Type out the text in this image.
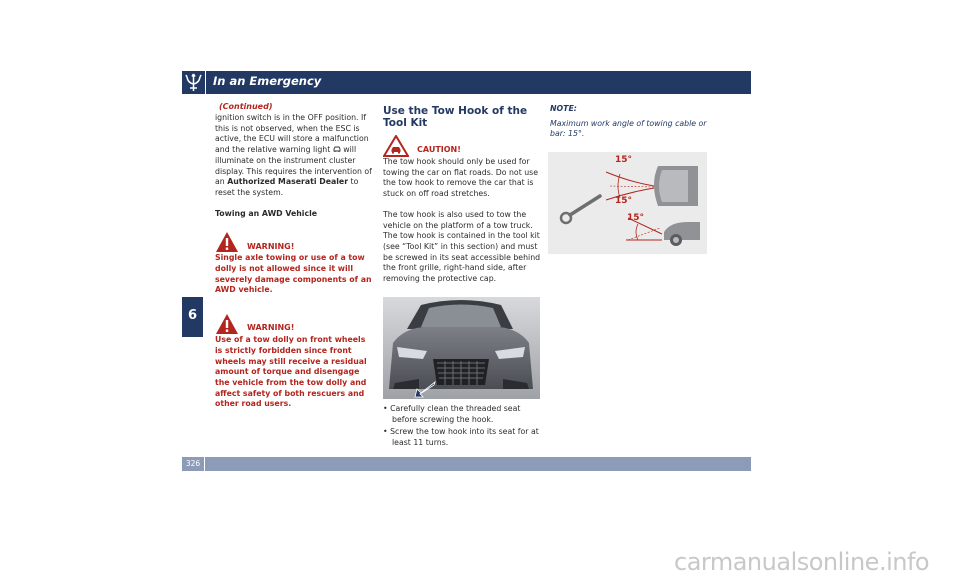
In an Emergency
6
326
(Continued)

ignition switch is in the OFF position. If this is not observed, when the ESC is active, the ECU will store a malfunction and the relative warning light  will illuminate on the instrument cluster display. This requires the intervention of an Authorized Maserati Dealer to reset the system.

Towing an AWD Vehicle

WARNING!

Single axle towing or use of a tow dolly is not allowed since it will severely damage components of an AWD vehicle.

WARNING!

Use of a tow dolly on front wheels is strictly forbidden since front wheels may still receive a residual amount of torque and disengage the vehicle from the tow dolly and affect safety of both rescuers and other road users.

Use the Tow Hook of the Tool Kit
CAUTION!

The tow hook should only be used for towing the car on flat roads. Do not use the tow hook to remove the car that is stuck on off road stretches.

The tow hook is also used to tow the vehicle on the platform of a tow truck. The tow hook is contained in the tool kit (see “Tool Kit” in this section) and must be screwed in its seat accessible behind the front grille, right-hand side, after removing the protective cap.

• Carefully clean the threaded seat before screwing the hook.

• Screw the tow hook into its seat for at least 11 turns.

NOTE:

Maximum work angle of towing cable or bar: 15°.

15°
15°
15°
carmanualsonline.info
